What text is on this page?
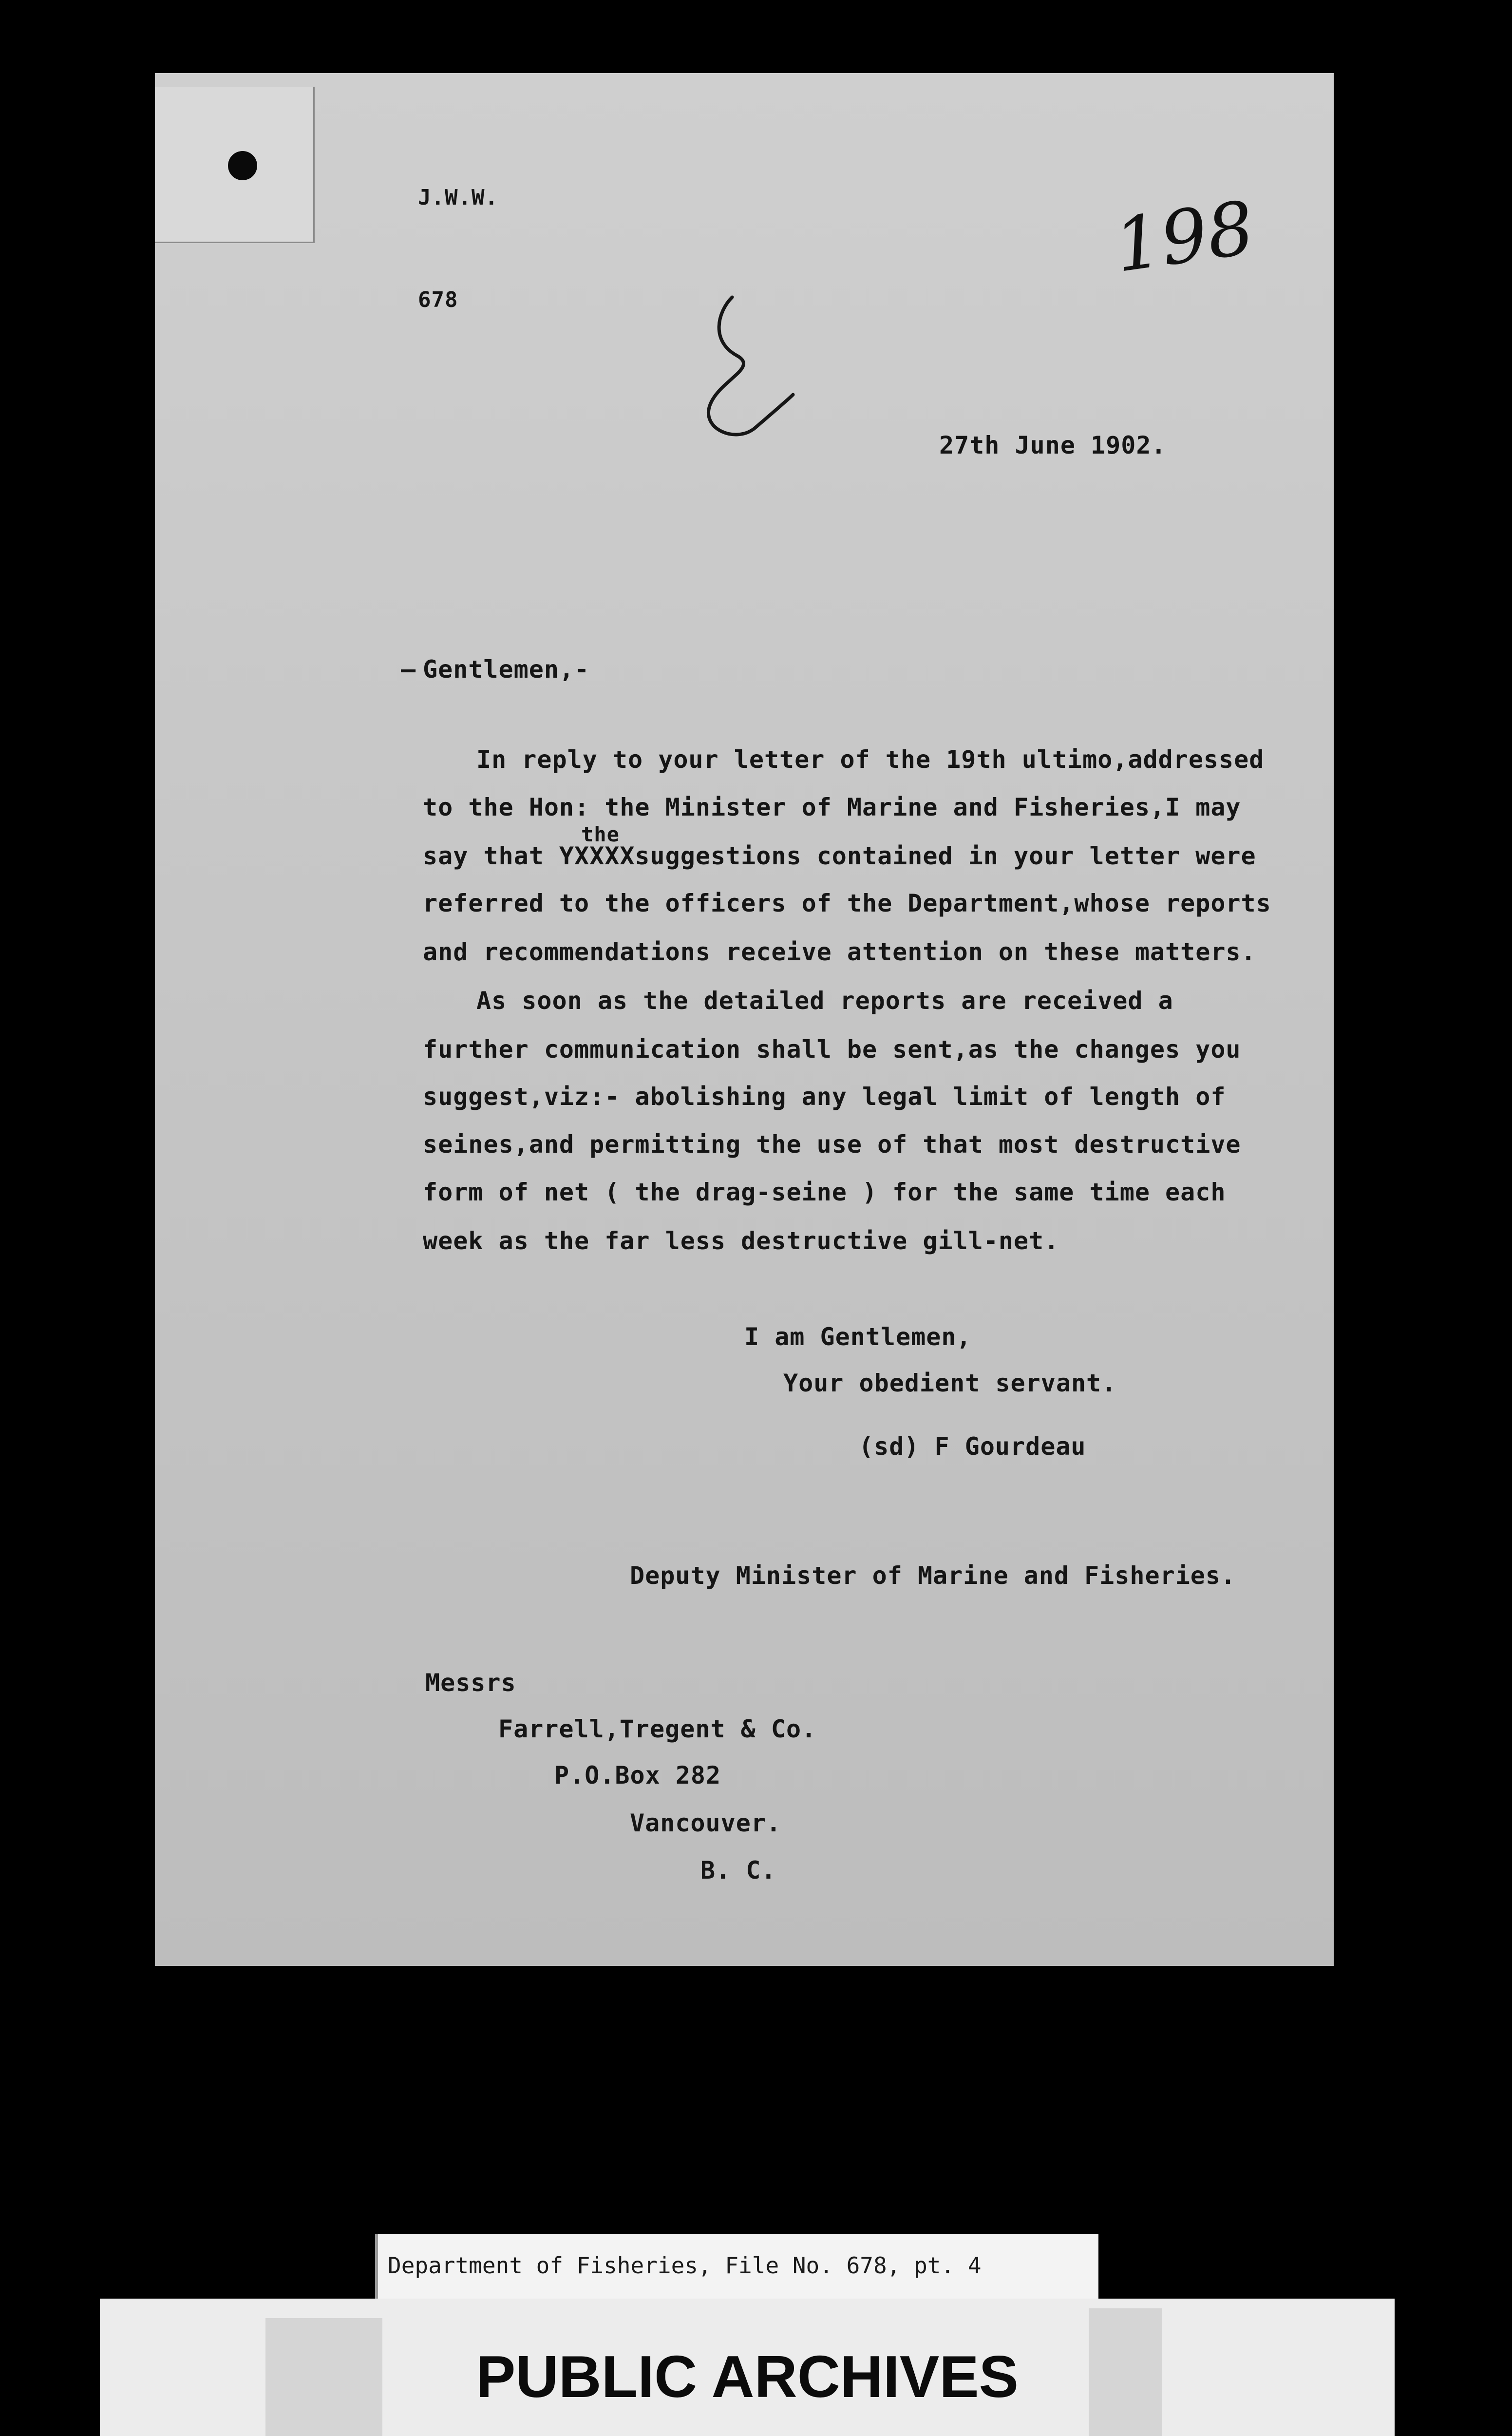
J.W.W.
678
198
27th June 1902.
– Gentlemen,-
In reply to your letter of the 19th ultimo,addressed
to the Hon: the Minister of Marine and Fisheries,I may
the
say that YXXXXsuggestions contained in your letter were
referred to the officers of the Department,whose reports
and recommendations receive attention on these matters.
As soon as the detailed reports are received a
further communication shall be sent,as the changes you
suggest,viz:- abolishing any legal limit of length of
seines,and permitting the use of that most destructive
form of net ( the drag-seine ) for the same time each
week as the far less destructive gill-net.
I am Gentlemen,
Your obedient servant.
(sd) F Gourdeau
Deputy Minister of Marine and Fisheries.
Messrs
Farrell,Tregent & Co.
P.O.Box 282
Vancouver.
B. C.
Department of Fisheries, File No. 678, pt. 4
PUBLIC ARCHIVES
